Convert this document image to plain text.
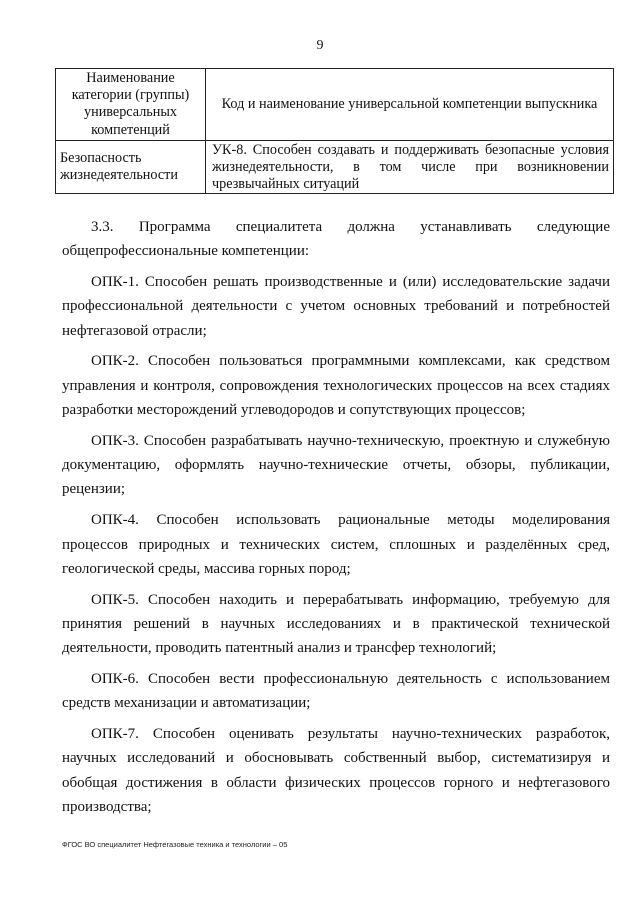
9
Наименование категории (группы) универсальных компетенций	Код и наименование универсальной компетенции выпускника
Безопасность жизнедеятельности	УК-8. Способен создавать и поддерживать безопасные условия жизнедеятельности, в том числе при возникновении чрезвычайных ситуаций

3.3. Программа специалитета должна устанавливать следующие общепрофессиональные компетенции:

ОПК-1. Способен решать производственные и (или) исследовательские задачи профессиональной деятельности с учетом основных требований и потребностей нефтегазовой отрасли;

ОПК-2. Способен пользоваться программными комплексами, как средством управления и контроля, сопровождения технологических процессов на всех стадиях разработки месторождений углеводородов и сопутствующих процессов;

ОПК-3. Способен разрабатывать научно-техническую, проектную и служебную документацию, оформлять научно-технические отчеты, обзоры, публикации, рецензии;

ОПК-4. Способен использовать рациональные методы моделирования процессов природных и технических систем, сплошных и разделённых сред, геологической среды, массива горных пород;

ОПК-5. Способен находить и перерабатывать информацию, требуемую для принятия решений в научных исследованиях и в практической технической деятельности, проводить патентный анализ и трансфер технологий;

ОПК-6. Способен вести профессиональную деятельность с использованием средств механизации и автоматизации;

ОПК-7. Способен оценивать результаты научно-технических разработок, научных исследований и обосновывать собственный выбор, систематизируя и обобщая достижения в области физических процессов горного и нефтегазового производства;

ФГОС ВО специалитет Нефтегазовые техника и технологии – 05
